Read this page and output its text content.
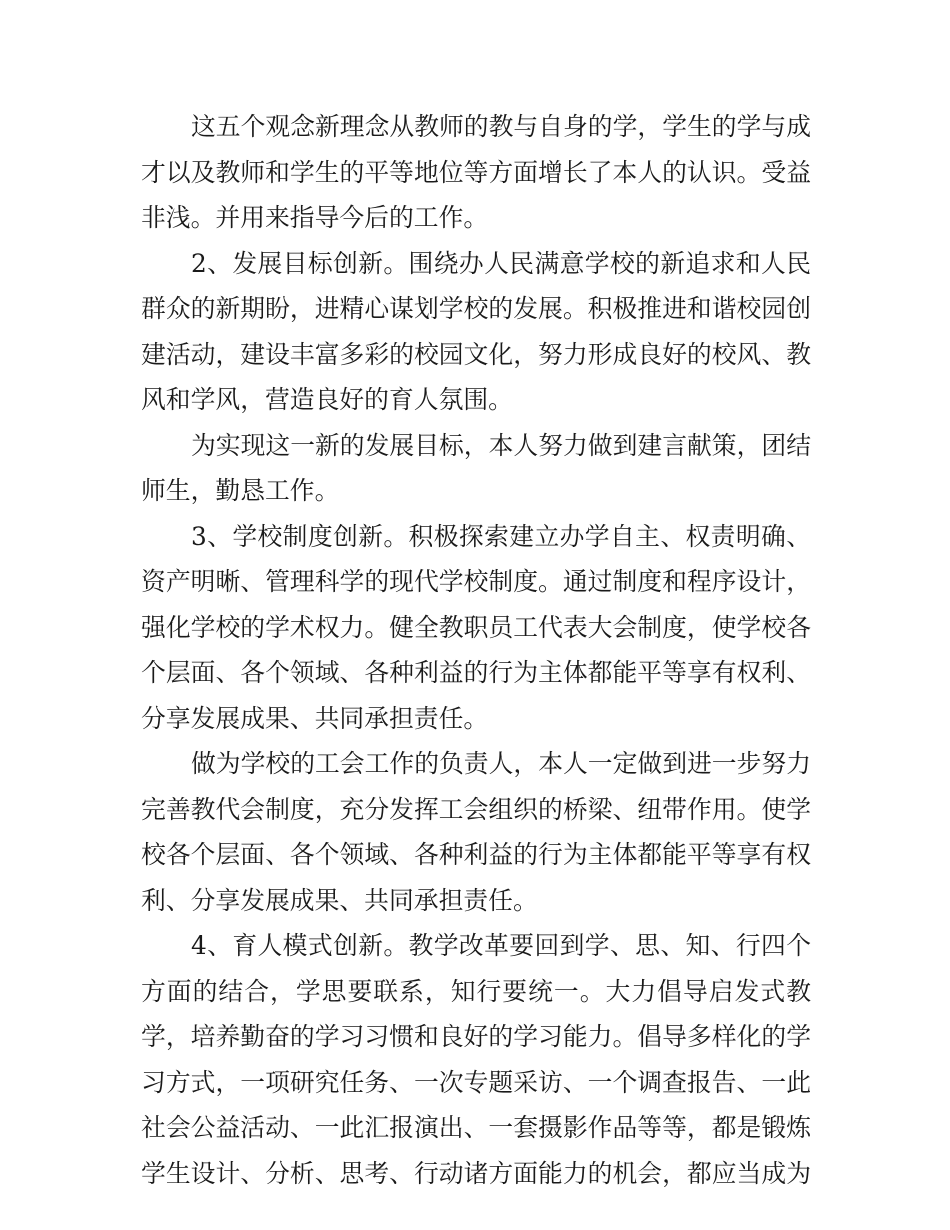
这五个观念新理念从教师的教与自身的学，学生的学与成
才以及教师和学生的平等地位等方面增长了本人的认识。受益
非浅。并用来指导今后的工作。
2、发展目标创新。围绕办人民满意学校的新追求和人民
群众的新期盼，进精心谋划学校的发展。积极推进和谐校园创
建活动，建设丰富多彩的校园文化，努力形成良好的校风、教
风和学风，营造良好的育人氛围。
为实现这一新的发展目标，本人努力做到建言献策，团结
师生，勤恳工作。
3、学校制度创新。积极探索建立办学自主、权责明确、
资产明晰、管理科学的现代学校制度。通过制度和程序设计，
强化学校的学术权力。健全教职员工代表大会制度，使学校各
个层面、各个领域、各种利益的行为主体都能平等享有权利、
分享发展成果、共同承担责任。
做为学校的工会工作的负责人，本人一定做到进一步努力
完善教代会制度，充分发挥工会组织的桥梁、纽带作用。使学
校各个层面、各个领域、各种利益的行为主体都能平等享有权
利、分享发展成果、共同承担责任。
4、育人模式创新。教学改革要回到学、思、知、行四个
方面的结合，学思要联系，知行要统一。大力倡导启发式教
学，培养勤奋的学习习惯和良好的学习能力。倡导多样化的学
习方式，一项研究任务、一次专题采访、一个调查报告、一此
社会公益活动、一此汇报演出、一套摄影作品等等，都是锻炼
学生设计、分析、思考、行动诸方面能力的机会，都应当成为
